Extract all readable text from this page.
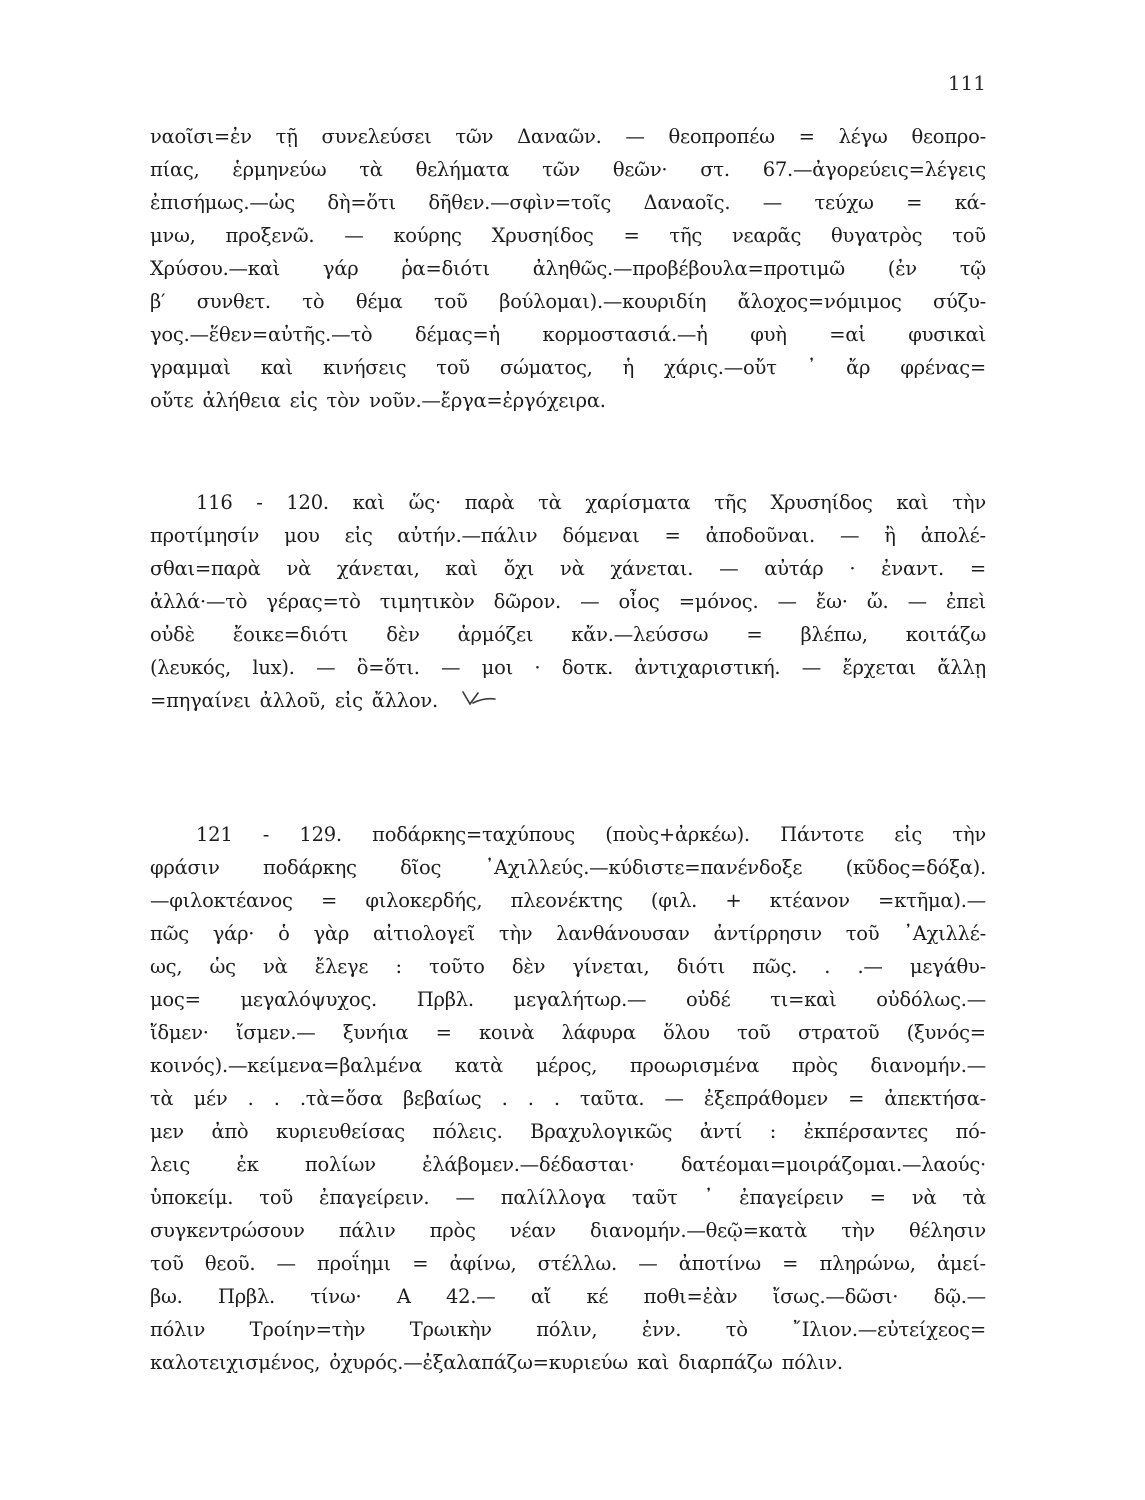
111
ναοῖσι=ἐν τῇ συνελεύσει τῶν Δαναῶν. — θεοπροπέω = λέγω θεοπρο-
πίας, ἑρμηνεύω τὰ θελήματα τῶν θεῶν· στ. 67.—ἀγορεύεις=λέγεις
ἐπισήμως.—ὡς δὴ=ὅτι δῆθεν.—σφὶν=τοῖς Δαναοῖς. — τεύχω = κά-
μνω, προξενῶ. — κούρης Χρυσηίδος = τῆς νεαρᾶς θυγατρὸς τοῦ
Χρύσου.—καὶ γάρ ῥα=διότι ἀληθῶς.—προβέβουλα=προτιμῶ (ἐν τῷ
β′ συνθετ. τὸ θέμα τοῦ βούλομαι).—κουριδίη ἄλοχος=νόμιμος σύζυ-
γος.—ἕθεν=αὐτῆς.—τὸ δέμας=ἡ κορμοστασιά.—ἡ φυὴ =αἱ φυσικαὶ
γραμμαὶ καὶ κινήσεις τοῦ σώματος, ἡ χάρις.—οὔτ ᾽ ἄρ φρένας=
οὔτε ἀλήθεια εἰς τὸν νοῦν.—ἔργα=ἐργόχειρα.
116 - 120. καὶ ὥς· παρὰ τὰ χαρίσματα τῆς Χρυσηίδος καὶ τὴν
προτίμησίν μου εἰς αὐτήν.—πάλιν δόμεναι = ἀποδοῦναι. — ἢ ἀπολέ-
σθαι=παρὰ νὰ χάνεται, καὶ ὄχι νὰ χάνεται. — αὐτάρ · ἐναντ. =
ἀλλά·—τὸ γέρας=τὸ τιμητικὸν δῶρον. — οἶος =μόνος. — ἔω· ὤ. — ἐπεὶ
οὐδὲ ἔοικε=διότι δὲν ἁρμόζει κἄν.—λεύσσω = βλέπω, κοιτάζω
(λευκός, lux). — ὃ=ὅτι. — μοι · δοτκ. ἀντιχαριστική. — ἔρχεται ἄλλῃ
=πηγαίνει ἀλλοῦ, εἰς ἄλλον.
121 - 129. ποδάρκης=ταχύπους (ποὺς+ἀρκέω). Πάντοτε εἰς τὴν
φράσιν ποδάρκης δῖος ᾽Αχιλλεύς.—κύδιστε=πανένδοξε (κῦδος=δόξα).
—φιλοκτέανος = φιλοκερδής, πλεονέκτης (φιλ. + κτέανον =κτῆμα).—
πῶς γάρ· ὁ γὰρ αἰτιολογεῖ τὴν λανθάνουσαν ἀντίρρησιν τοῦ ᾽Αχιλλέ-
ως, ὡς νὰ ἔλεγε : τοῦτο δὲν γίνεται, διότι πῶς. . .— μεγάθυ-
μος= μεγαλόψυχος. Πρβλ. μεγαλήτωρ.— οὐδέ τι=καὶ οὐδόλως.—
ἴδμεν· ἴσμεν.— ξυνήια = κοινὰ λάφυρα ὅλου τοῦ στρατοῦ (ξυνός=
κοινός).—κείμενα=βαλμένα κατὰ μέρος, προωρισμένα πρὸς διανομήν.—
τὰ μέν . . .τὰ=ὅσα βεβαίως . . . ταῦτα. — ἐξεπράθομεν = ἀπεκτήσα-
μεν ἀπὸ κυριευθείσας πόλεις. Βραχυλογικῶς ἀντί : ἐκπέρσαντες πό-
λεις ἐκ πολίων ἐλάβομεν.—δέδασται· δατέομαι=μοιράζομαι.—λαούς·
ὑποκείμ. τοῦ ἐπαγείρειν. — παλίλλογα ταῦτ ᾽ ἐπαγείρειν = νὰ τὰ
συγκεντρώσουν πάλιν πρὸς νέαν διανομήν.—θεῷ=κατὰ τὴν θέλησιν
τοῦ θεοῦ. — προΐημι = ἀφίνω, στέλλω. — ἀποτίνω = πληρώνω, ἀμεί-
βω. Πρβλ. τίνω· Α 42.— αἴ κέ ποθι=ἐὰν ἴσως.—δῶσι· δῷ.—
πόλιν Τροίην=τὴν Τρωικὴν πόλιν, ἐνν. τὸ ῎Ιλιον.—εὐτείχεος=
καλοτειχισμένος, ὀχυρός.—ἐξαλαπάζω=κυριεύω καὶ διαρπάζω πόλιν.
